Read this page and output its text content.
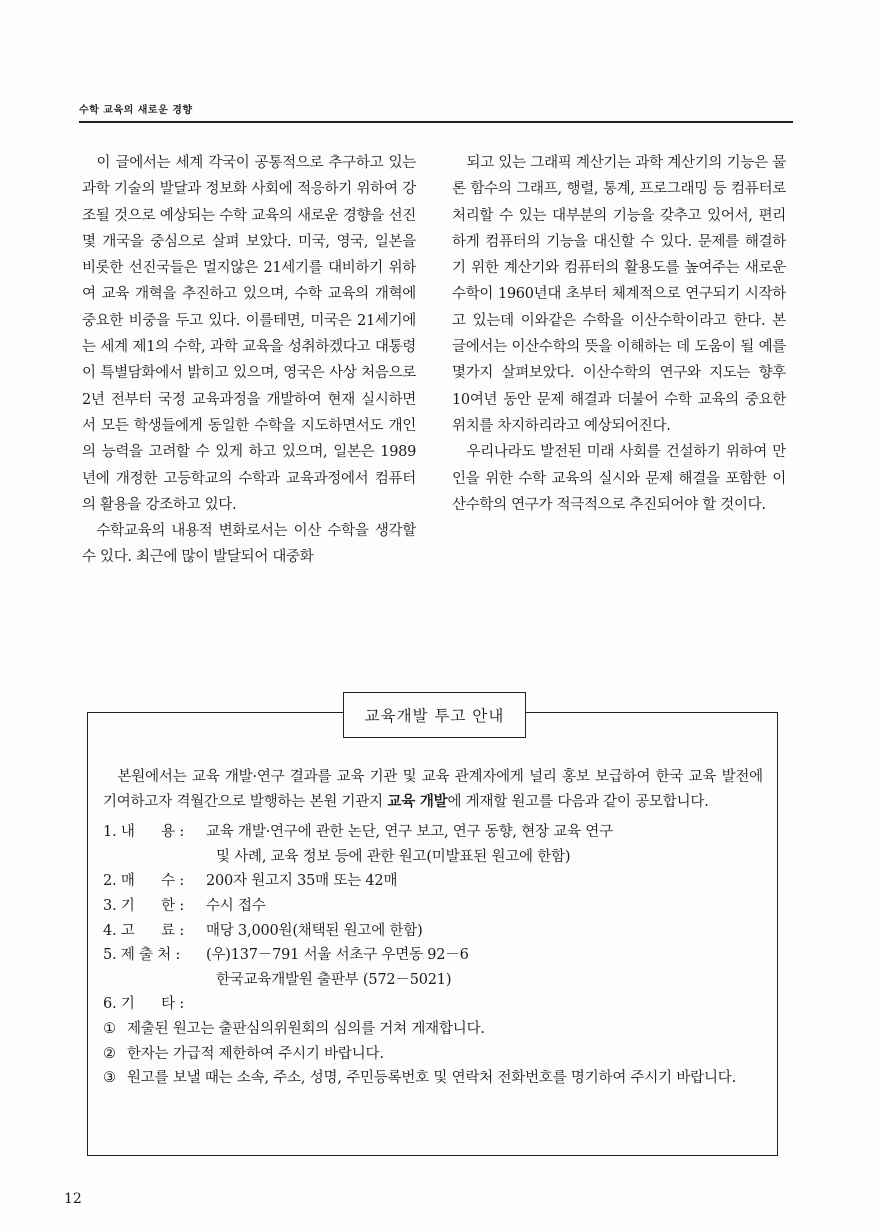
수학 교육의 새로운 경향

이 글에서는 세계 각국이 공통적으로 추구하고 있는 과학 기술의 발달과 정보화 사회에 적응하기 위하여 강조될 것으로 예상되는 수학 교육의 새로운 경향을 선진 몇 개국을 중심으로 살펴 보았다. 미국, 영국, 일본을 비롯한 선진국들은 멀지않은 21세기를 대비하기 위하여 교육 개혁을 추진하고 있으며, 수학 교육의 개혁에 중요한 비중을 두고 있다. 이를테면, 미국은 21세기에는 세계 제1의 수학, 과학 교육을 성취하겠다고 대통령이 특별담화에서 밝히고 있으며, 영국은 사상 처음으로 2년 전부터 국정 교육과정을 개발하여 현재 실시하면서 모든 학생들에게 동일한 수학을 지도하면서도 개인의 능력을 고려할 수 있게 하고 있으며, 일본은 1989년에 개정한 고등학교의 수학과 교육과정에서 컴퓨터의 활용을 강조하고 있다.

수학교육의 내용적 변화로서는 이산 수학을 생각할 수 있다. 최근에 많이 발달되어 대중화

되고 있는 그래픽 계산기는 과학 계산기의 기능은 물론 함수의 그래프, 행렬, 통계, 프로그래밍 등 컴퓨터로 처리할 수 있는 대부분의 기능을 갖추고 있어서, 편리하게 컴퓨터의 기능을 대신할 수 있다. 문제를 해결하기 위한 계산기와 컴퓨터의 활용도를 높여주는 새로운 수학이 1960년대 초부터 체계적으로 연구되기 시작하고 있는데 이와같은 수학을 이산수학이라고 한다. 본 글에서는 이산수학의 뜻을 이해하는 데 도움이 될 예를 몇가지 살펴보았다. 이산수학의 연구와 지도는 향후 10여년 동안 문제 해결과 더불어 수학 교육의 중요한 위치를 차지하리라고 예상되어진다.

우리나라도 발전된 미래 사회를 건설하기 위하여 만인을 위한 수학 교육의 실시와 문제 해결을 포함한 이산수학의 연구가 적극적으로 추진되어야 할 것이다.

교육개발 투고 안내

본원에서는 교육 개발·연구 결과를 교육 기관 및 교육 관계자에게 널리 홍보 보급하여 한국 교육 발전에 기여하고자 격월간으로 발행하는 본원 기관지 교육 개발에 게재할 원고를 다음과 같이 공모합니다.

1. 내      용 :	교육 개발·연구에 관한 논단, 연구 보고, 연구 동향, 현장 교육 연구
및 사례, 교육 정보 등에 관한 원고(미발표된 원고에 한함)
2. 매      수 :	200자 원고지 35매 또는 42매
3. 기      한 :	수시 접수
4. 고      료 :	매당 3,000원(채택된 원고에 한함)
5. 제 출 처 :	(우)137－791 서울 서초구 우면동 92－6
한국교육개발원 출판부 (572－5021)
6. 기      타 :
① 제출된 원고는 출판심의위원회의 심의를 거쳐 게재합니다.
② 한자는 가급적 제한하여 주시기 바랍니다.
③ 원고를 보낼 때는 소속, 주소, 성명, 주민등록번호 및 연락처 전화번호를 명기하여 주시기 바랍니다.
12
